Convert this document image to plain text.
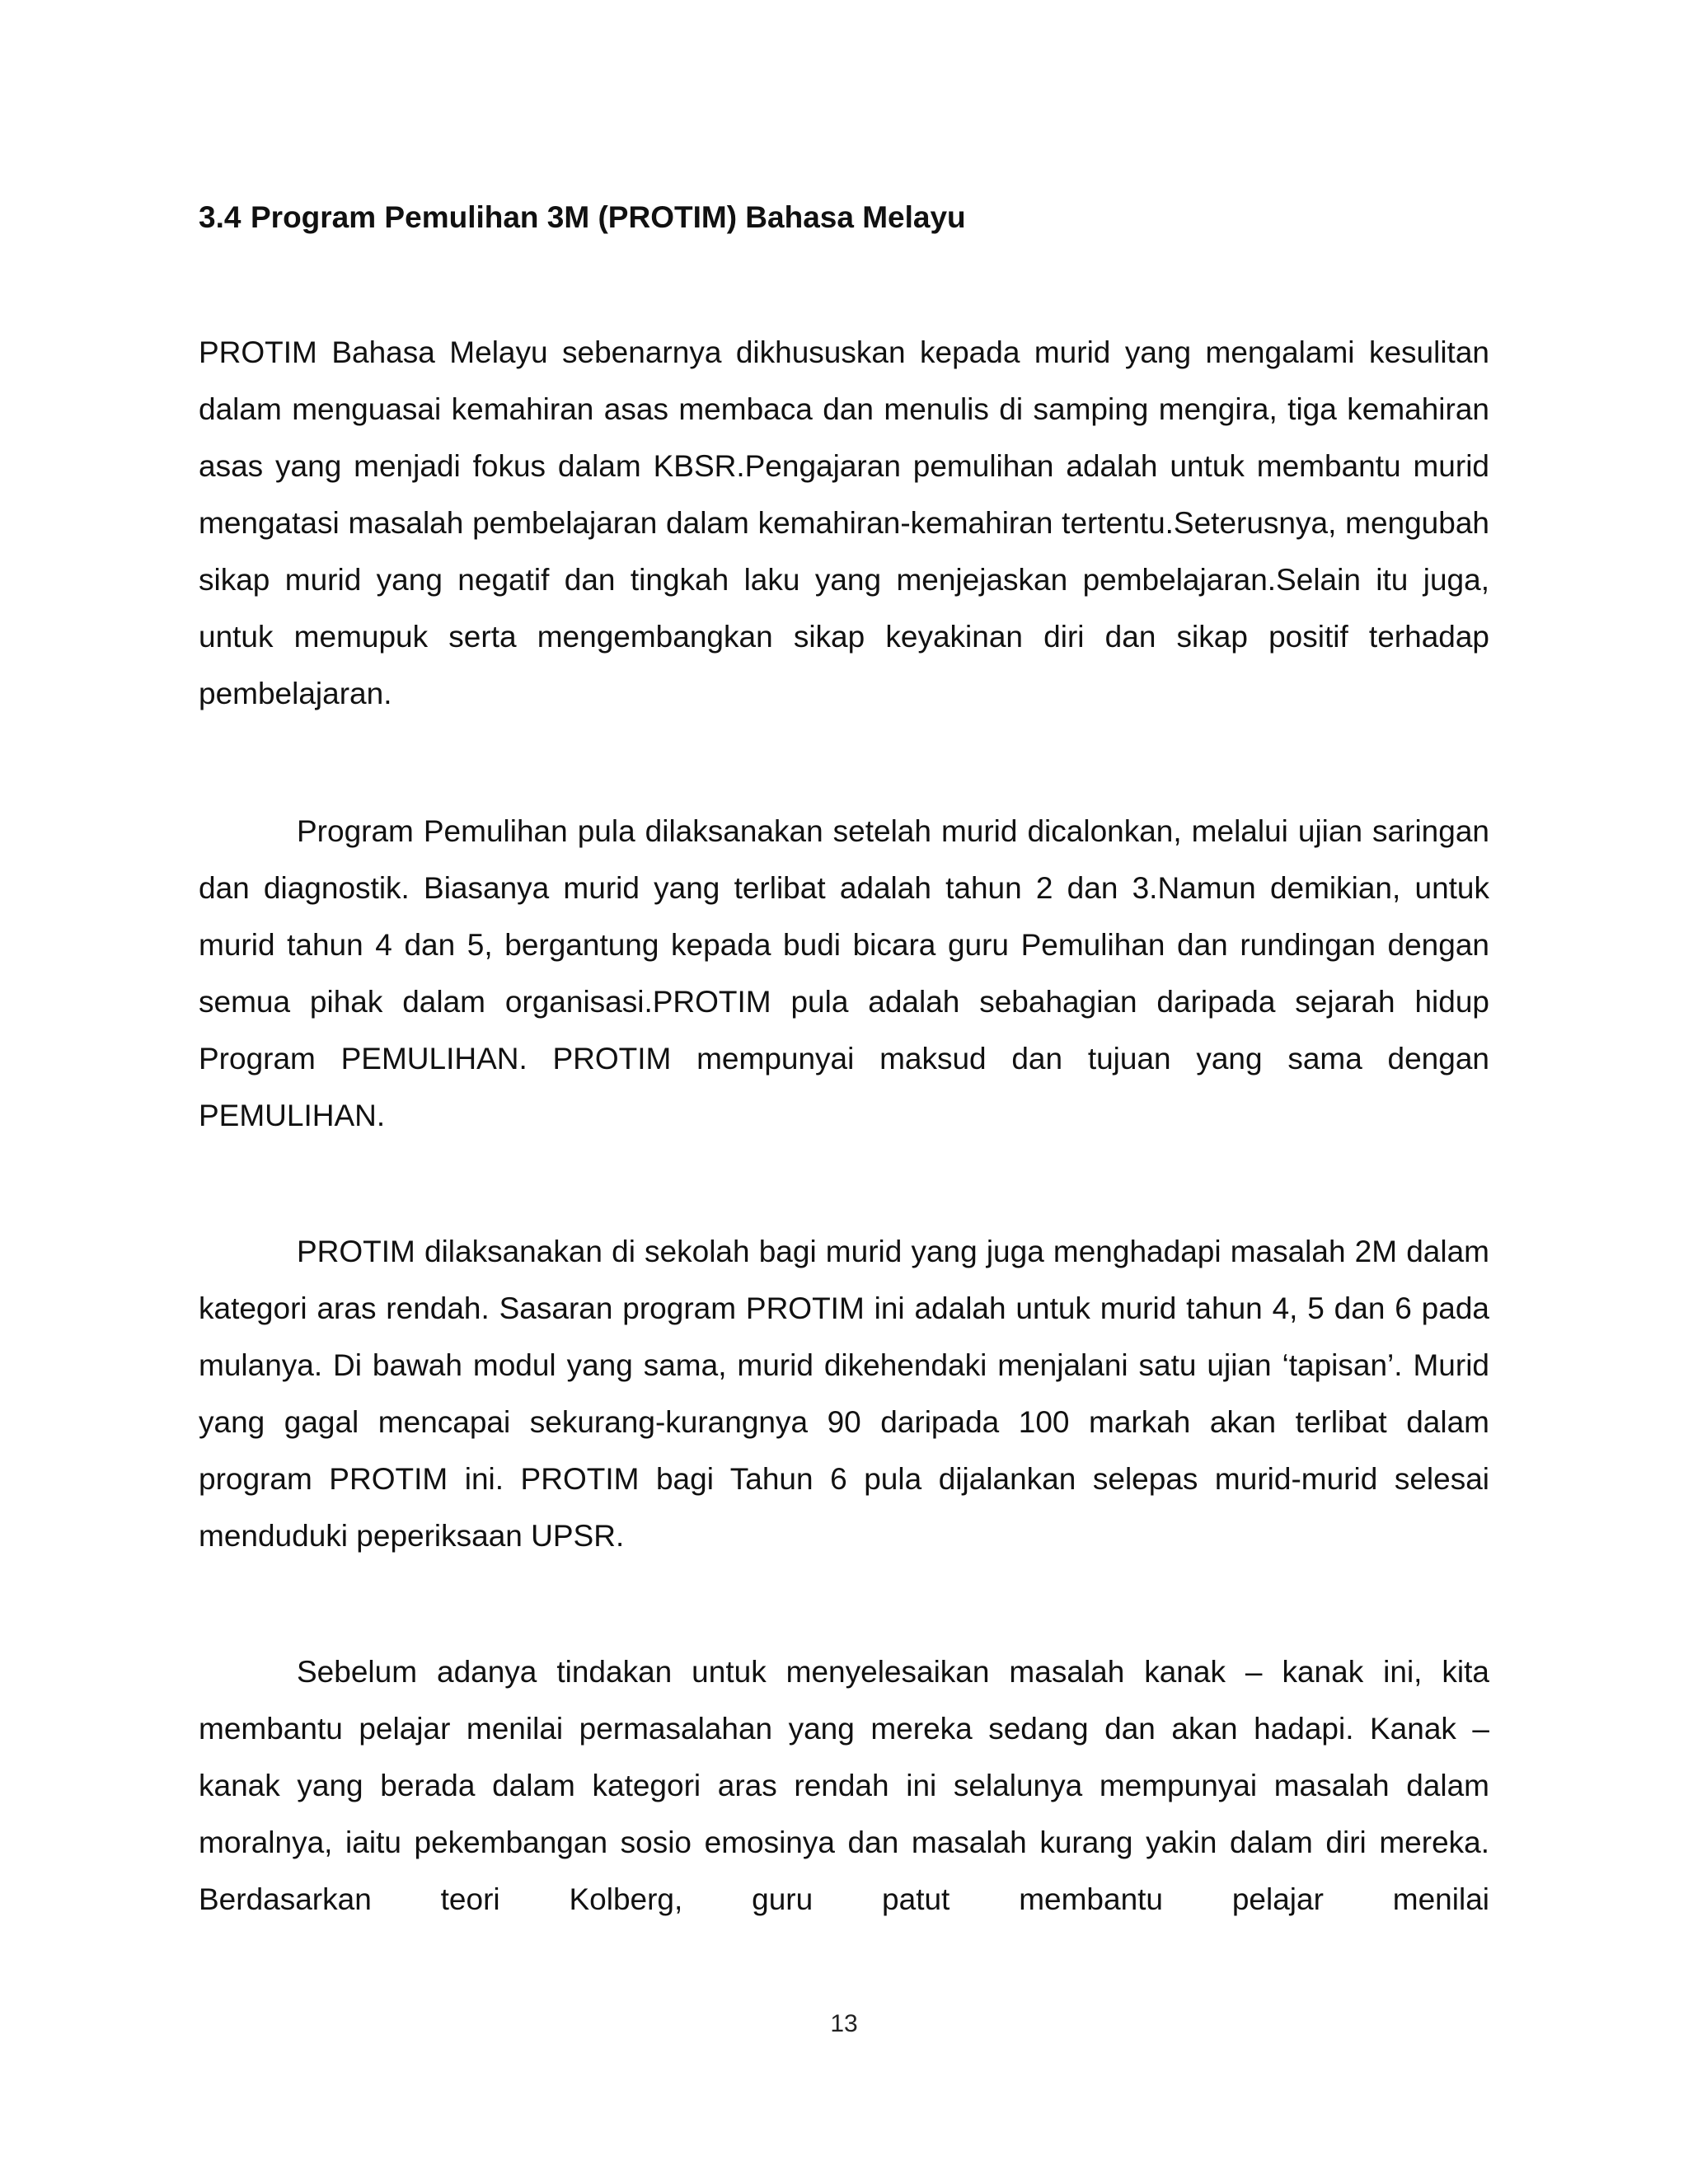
3.4 Program Pemulihan 3M (PROTIM) Bahasa Melayu

PROTIM Bahasa Melayu sebenarnya dikhususkan kepada murid yang mengalami kesulitan dalam menguasai kemahiran asas membaca dan menulis di samping mengira, tiga kemahiran asas yang menjadi fokus dalam KBSR.Pengajaran pemulihan adalah untuk membantu murid mengatasi masalah pembelajaran dalam kemahiran-kemahiran tertentu.Seterusnya, mengubah sikap murid yang negatif dan tingkah laku yang menjejaskan pembelajaran.Selain itu juga, untuk memupuk serta mengembangkan sikap keyakinan diri dan sikap positif terhadap pembelajaran.

Program Pemulihan pula dilaksanakan setelah murid dicalonkan, melalui ujian saringan dan diagnostik. Biasanya murid yang terlibat adalah tahun 2 dan 3.Namun demikian, untuk murid tahun 4 dan 5, bergantung kepada budi bicara guru Pemulihan dan rundingan dengan semua pihak dalam organisasi.PROTIM pula adalah sebahagian daripada sejarah hidup Program PEMULIHAN. PROTIM mempunyai maksud dan tujuan yang sama dengan PEMULIHAN.

PROTIM dilaksanakan di sekolah bagi murid yang juga menghadapi masalah 2M dalam kategori aras rendah. Sasaran program PROTIM ini adalah untuk murid tahun 4, 5 dan 6 pada mulanya. Di bawah modul yang sama, murid dikehendaki menjalani satu ujian ‘tapisan’. Murid yang gagal mencapai sekurang-kurangnya 90 daripada 100 markah akan terlibat dalam program PROTIM ini. PROTIM bagi Tahun 6 pula dijalankan selepas murid-murid selesai menduduki peperiksaan UPSR.

Sebelum adanya tindakan untuk menyelesaikan masalah kanak – kanak ini, kita membantu pelajar menilai permasalahan yang mereka sedang dan akan hadapi. Kanak – kanak yang berada dalam kategori aras rendah ini selalunya mempunyai masalah dalam moralnya, iaitu pekembangan sosio emosinya dan masalah kurang yakin dalam diri mereka. Berdasarkan teori Kolberg, guru patut membantu pelajar menilai

13
